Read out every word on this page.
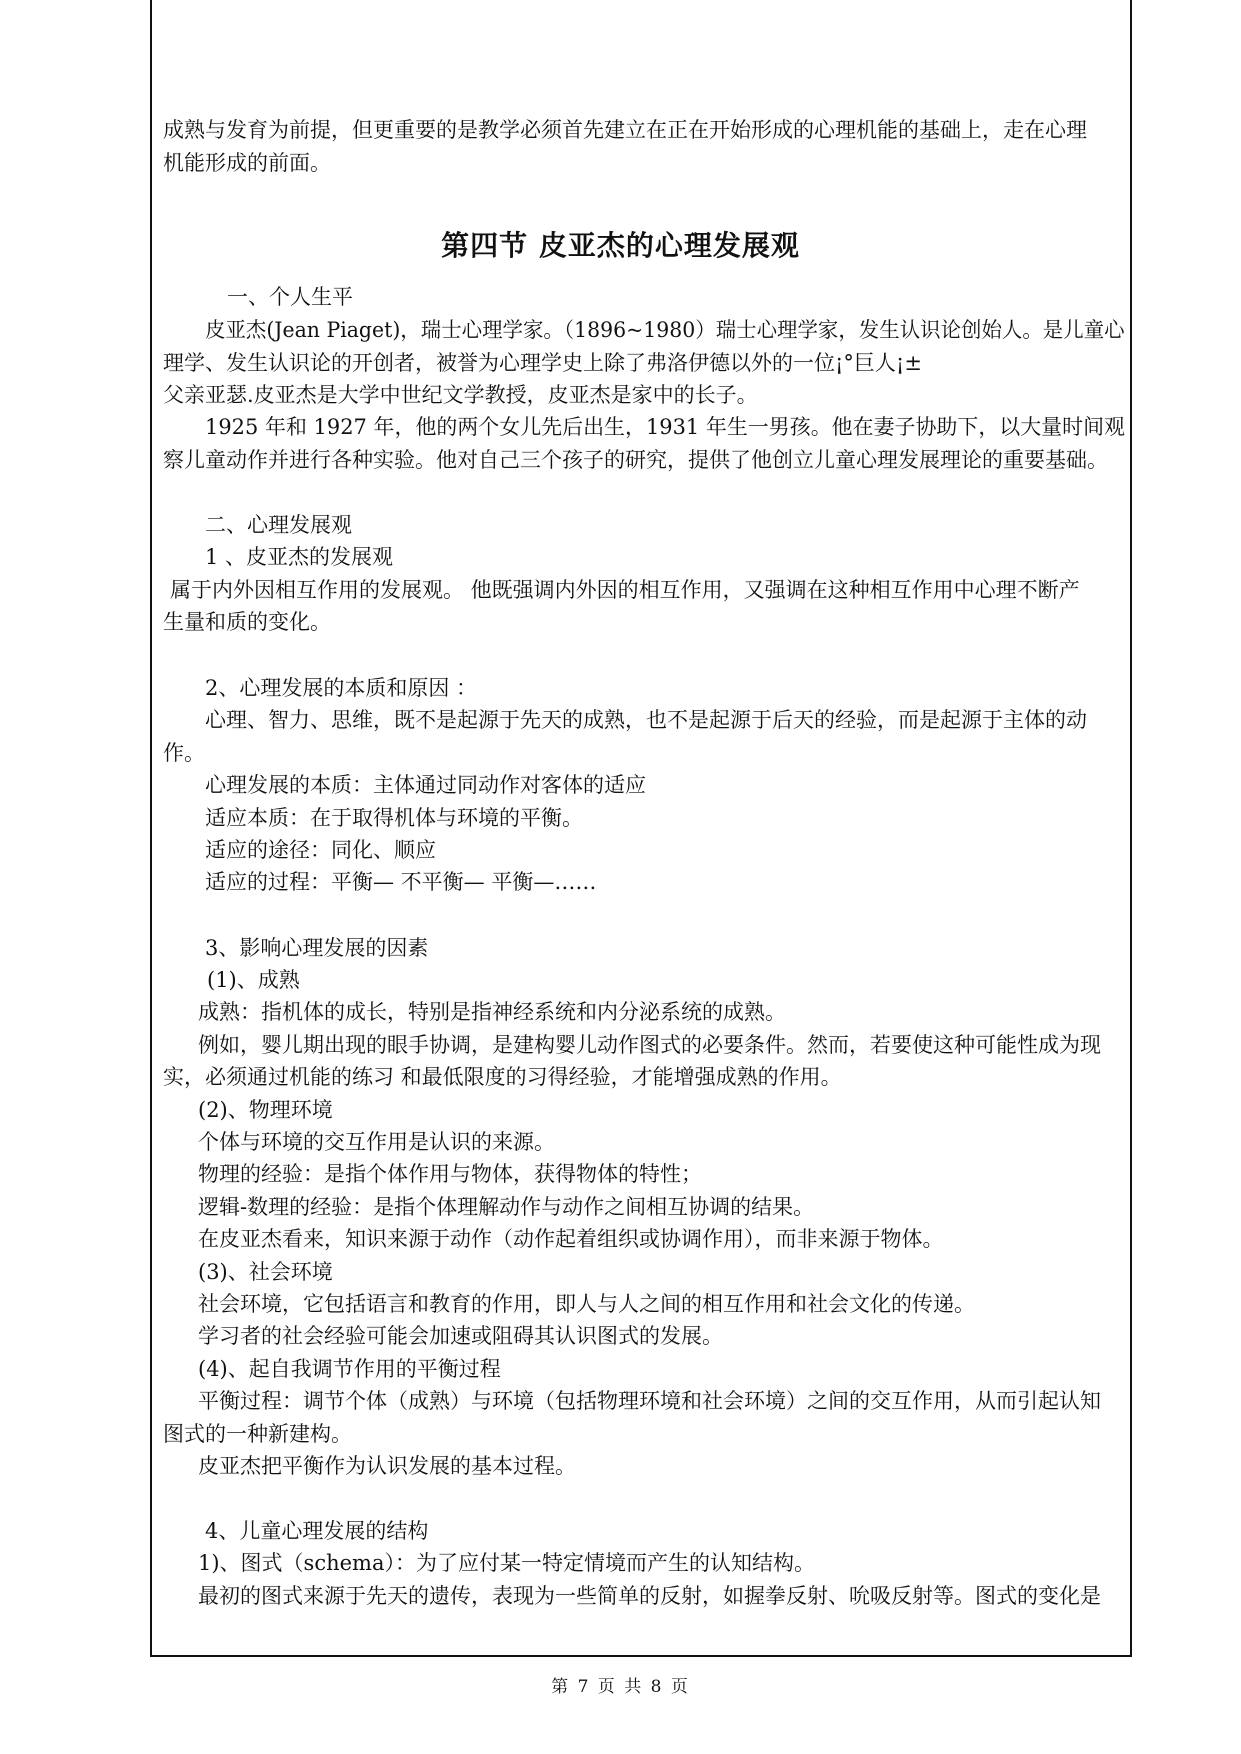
第四节 皮亚杰的心理发展观
成熟与发育为前提，但更重要的是教学必须首先建立在正在开始形成的心理机能的基础上，走在心理
机能形成的前面。
一、个人生平
皮亚杰(Jean Piaget)，瑞士心理学家。（1896~1980）瑞士心理学家，发生认识论创始人。是儿童心
理学、发生认识论的开创者，被誉为心理学史上除了弗洛伊德以外的一位¡°巨人¡±
父亲亚瑟.皮亚杰是大学中世纪文学教授，皮亚杰是家中的长子。
1925 年和 1927 年，他的两个女儿先后出生，1931 年生一男孩。他在妻子协助下，以大量时间观
察儿童动作并进行各种实验。他对自己三个孩子的研究，提供了他创立儿童心理发展理论的重要基础。
二、心理发展观
1 、皮亚杰的发展观
属于内外因相互作用的发展观。 他既强调内外因的相互作用，又强调在这种相互作用中心理不断产
生量和质的变化。
2、心理发展的本质和原因 ：
心理、智力、思维，既不是起源于先天的成熟，也不是起源于后天的经验，而是起源于主体的动
作。
心理发展的本质：主体通过同动作对客体的适应
适应本质：在于取得机体与环境的平衡。
适应的途径：同化、顺应
适应的过程：平衡— 不平衡— 平衡—……
3、影响心理发展的因素
(1)、成熟
成熟：指机体的成长，特别是指神经系统和内分泌系统的成熟。
例如，婴儿期出现的眼手协调，是建构婴儿动作图式的必要条件。然而，若要使这种可能性成为现
实，必须通过机能的练习 和最低限度的习得经验，才能增强成熟的作用。
(2)、物理环境
个体与环境的交互作用是认识的来源。
物理的经验：是指个体作用与物体，获得物体的特性；
逻辑-数理的经验：是指个体理解动作与动作之间相互协调的结果。
在皮亚杰看来，知识来源于动作（动作起着组织或协调作用），而非来源于物体。
(3)、社会环境
社会环境，它包括语言和教育的作用，即人与人之间的相互作用和社会文化的传递。
学习者的社会经验可能会加速或阻碍其认识图式的发展。
(4)、起自我调节作用的平衡过程
平衡过程：调节个体（成熟）与环境（包括物理环境和社会环境）之间的交互作用，从而引起认知
图式的一种新建构。
皮亚杰把平衡作为认识发展的基本过程。
4、儿童心理发展的结构
1)、图式（schema）：为了应付某一特定情境而产生的认知结构。
最初的图式来源于先天的遗传，表现为一些简单的反射，如握拳反射、吮吸反射等。图式的变化是
第 7 页 共 8 页
